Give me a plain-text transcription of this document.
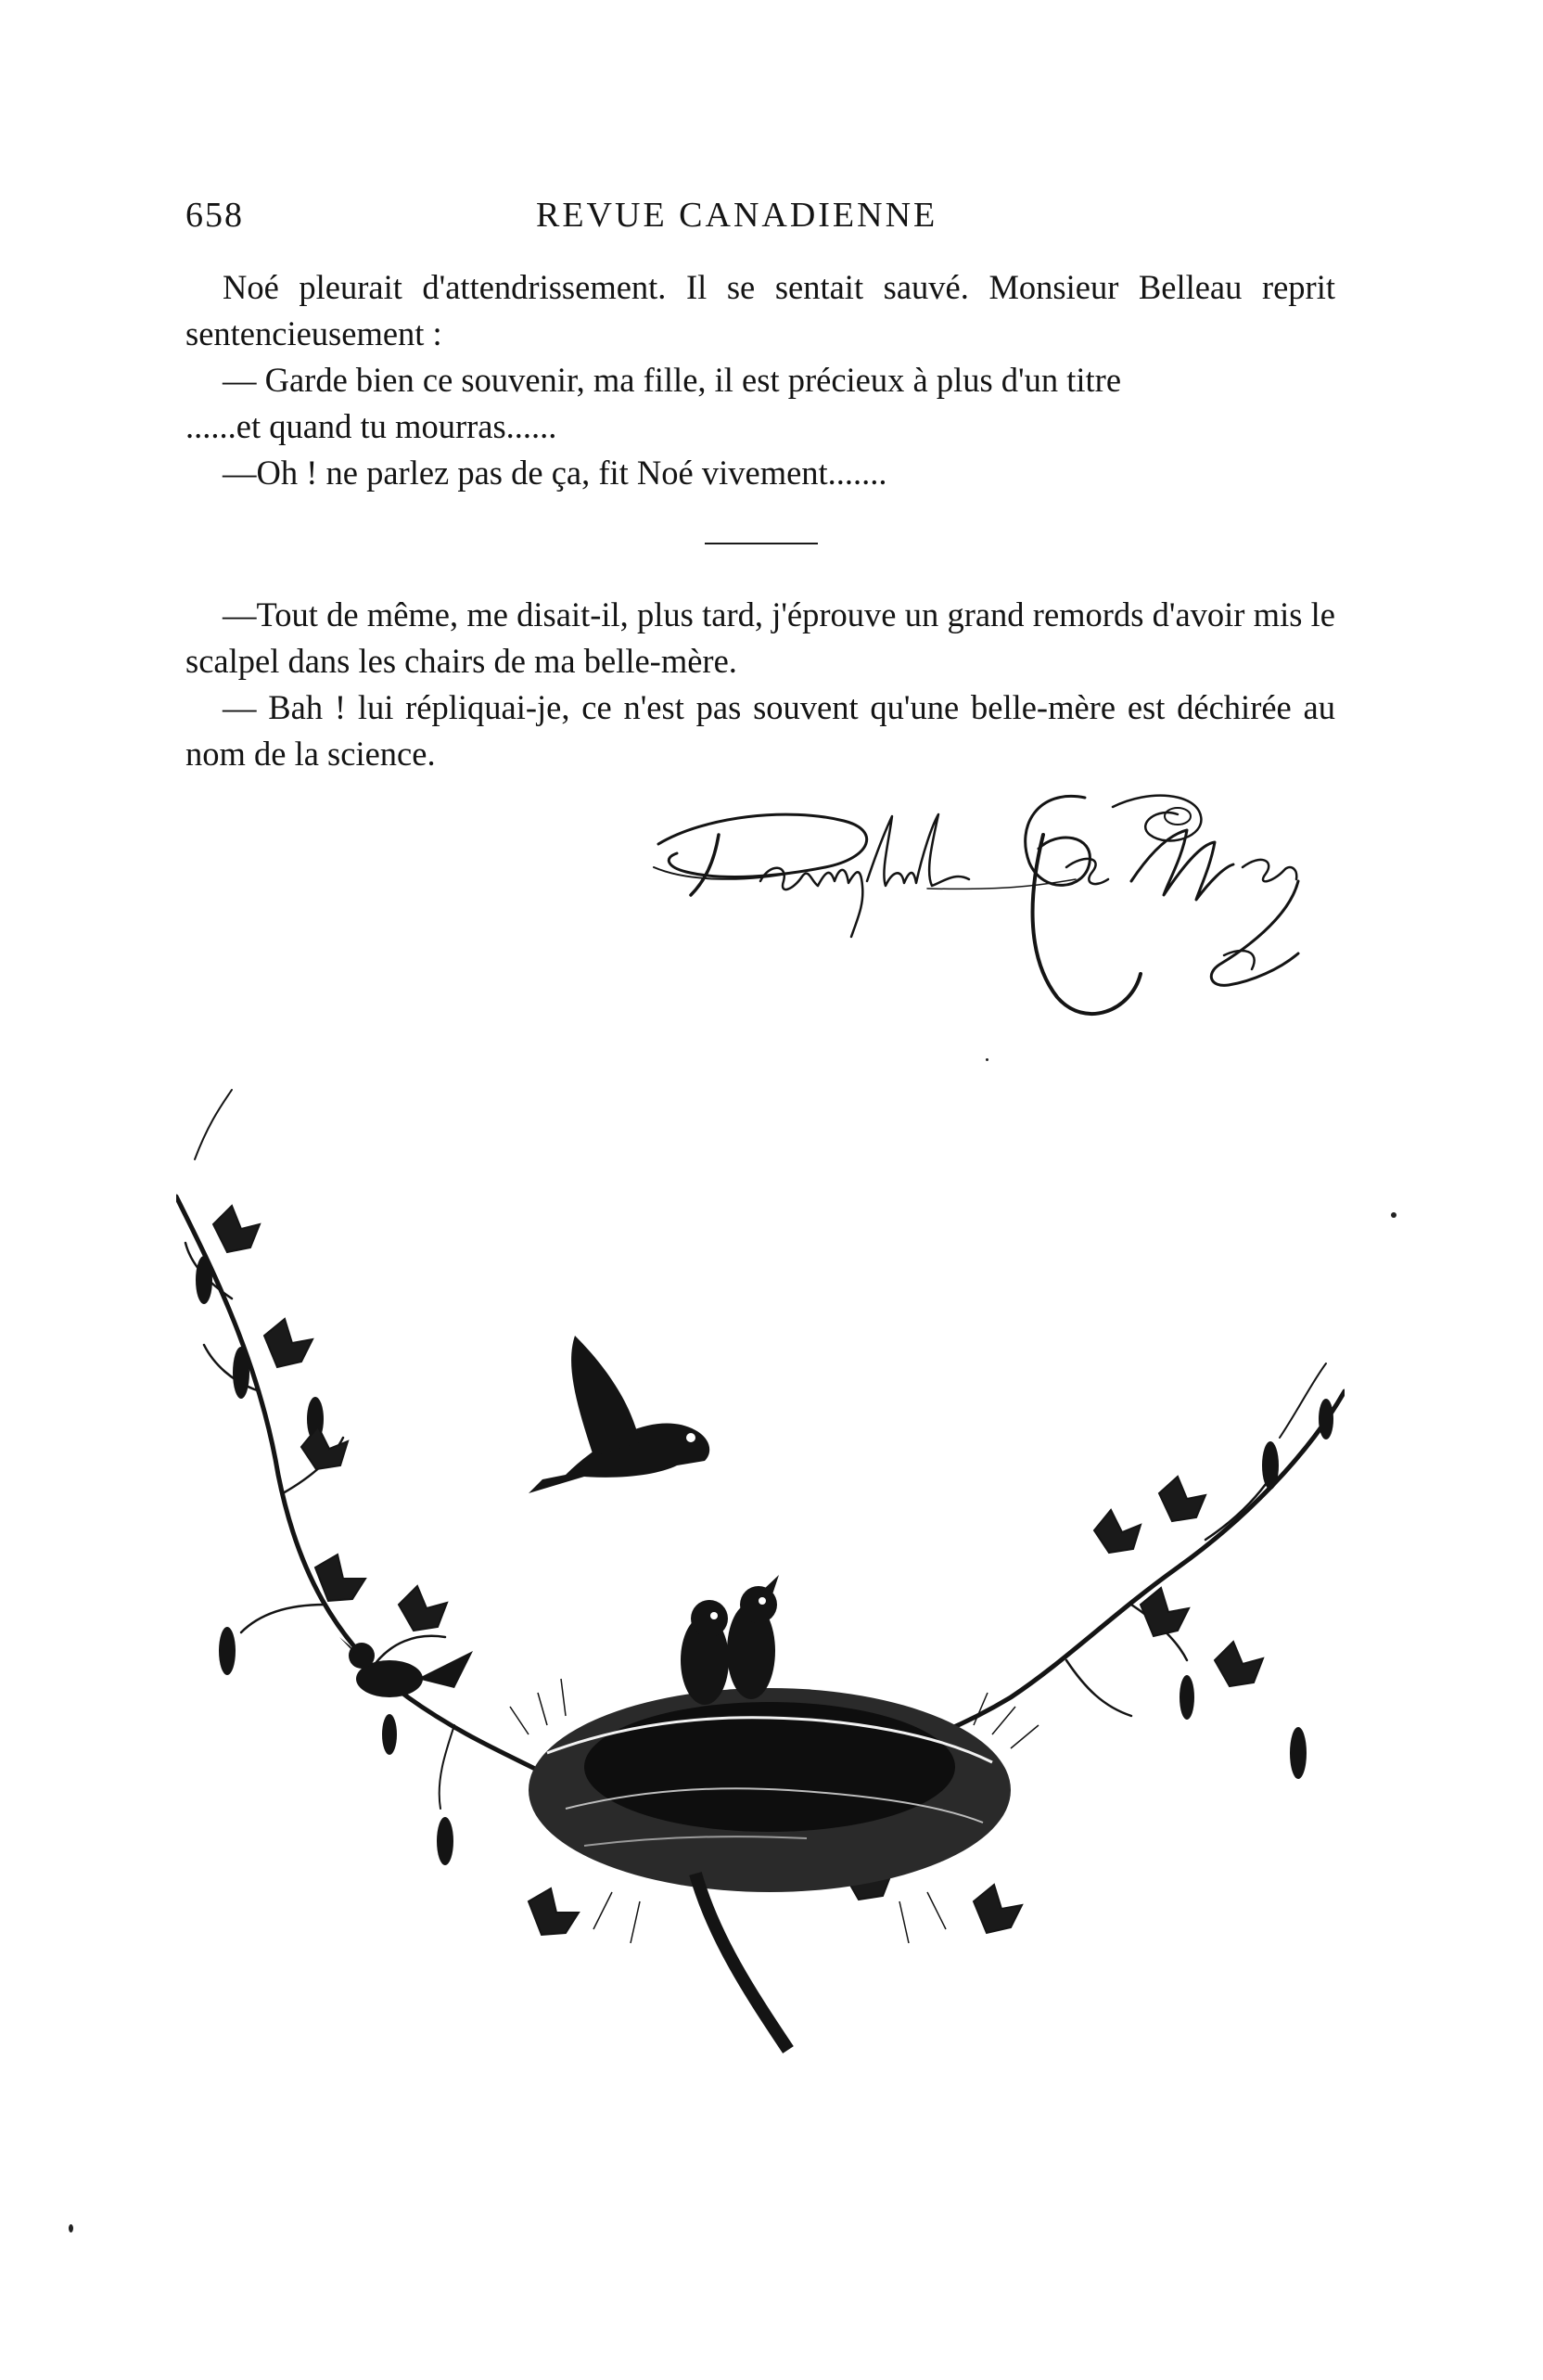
658	REVUE CANADIENNE

Noé pleurait d'attendrissement. Il se sentait sauvé. Monsieur Belleau reprit sentencieusement :

— Garde bien ce souvenir, ma fille, il est précieux à plus d'un titre

......et quand tu mourras......

—Oh ! ne parlez pas de ça, fit Noé vivement.......

—Tout de même, me disait-il, plus tard, j'éprouve un grand remords d'avoir mis le scalpel dans les chairs de ma belle-mère.

— Bah ! lui répliquai-je, ce n'est pas souvent qu'une belle-mère est déchirée au nom de la science.
